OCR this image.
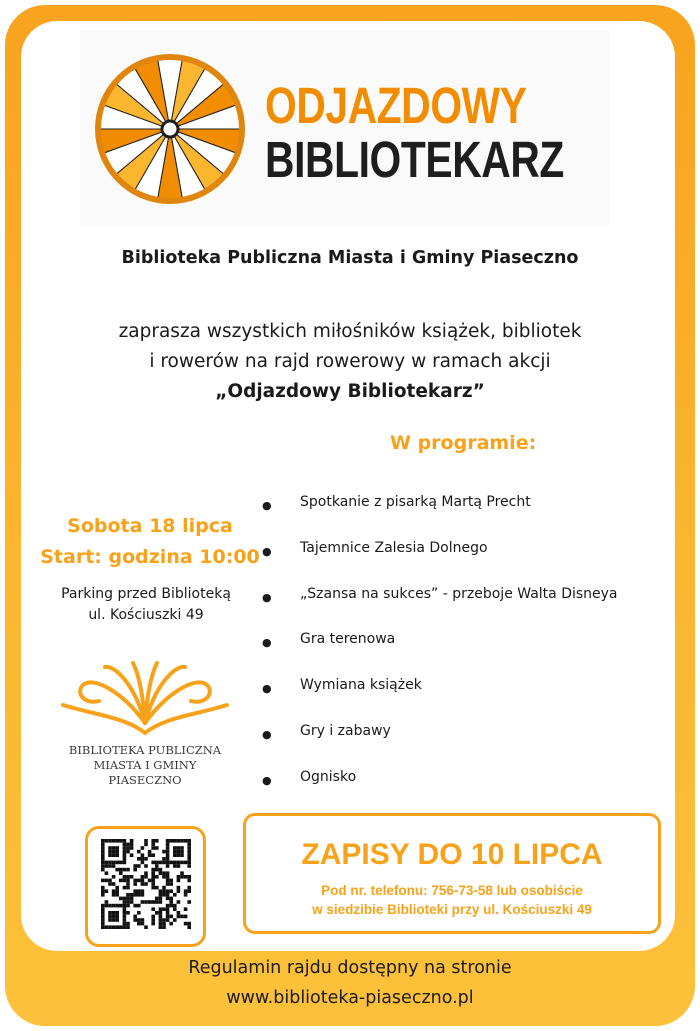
ODJAZDOWY
BIBLIOTEKARZ
Biblioteka Publiczna Miasta i Gminy Piaseczno
zaprasza wszystkich miłośników książek, bibliotek
i rowerów na rajd rowerowy w ramach akcji
„Odjazdowy Bibliotekarz”
W programie:
Sobota 18 lipca
Start: godzina 10:00
Parking przed Biblioteką
ul. Kościuszki 49
BIBLIOTEKA PUBLICZNA
MIASTA I GMINY
PIASECZNO
● Spotkanie z pisarką Martą Precht
● Tajemnice Zalesia Dolnego
● „Szansa na sukces” - przeboje Walta Disneya
● Gra terenowa
● Wymiana książek
● Gry i zabawy
● Ognisko
ZAPISY DO 10 LIPCA
Pod nr. telefonu: 756-73-58 lub osobiście
w siedzibie Biblioteki przy ul. Kościuszki 49
Regulamin rajdu dostępny na stronie
www.biblioteka-piaseczno.pl
